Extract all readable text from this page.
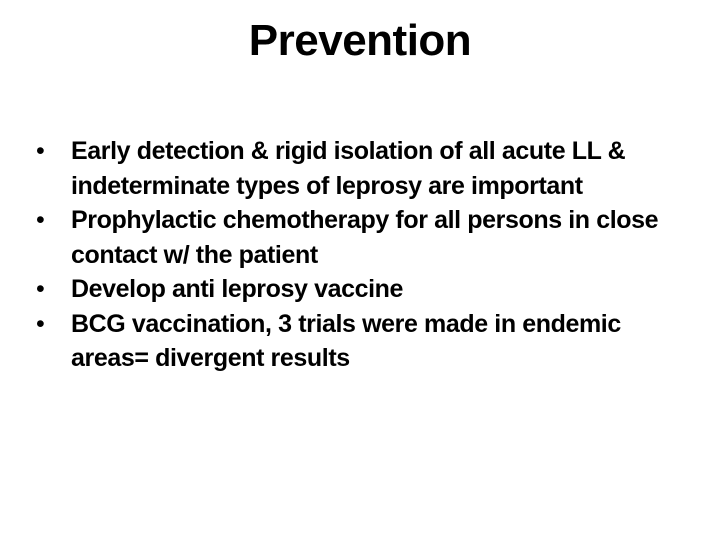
Prevention
•	Early detection & rigid isolation of all acute LL & indeterminate types of leprosy are important
•	Prophylactic chemotherapy for all persons in close contact w/ the patient
•	Develop anti leprosy vaccine
•	BCG vaccination, 3 trials were made in endemic areas= divergent results
